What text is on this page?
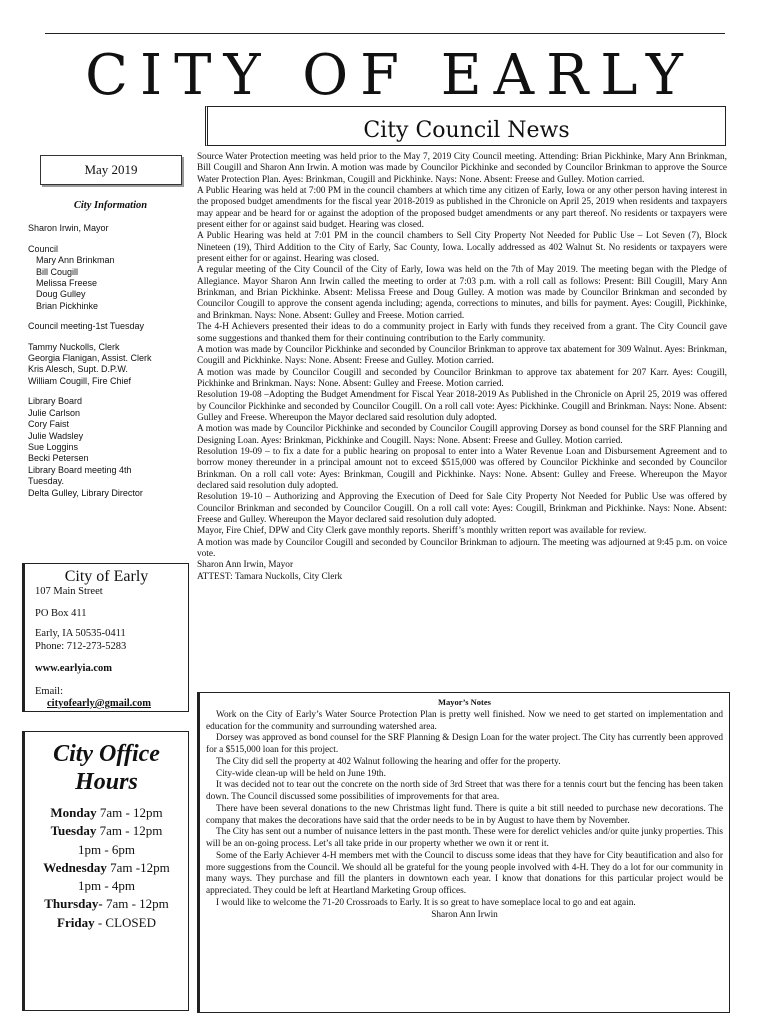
CITY OF EARLY
City Council News
May 2019
City Information
Sharon Irwin, Mayor
Council
Mary Ann Brinkman
Bill Cougill
Melissa Freese
Doug Gulley
Brian Pickhinke
Council meeting-1st Tuesday
Tammy Nuckolls, Clerk
Georgia Flanigan, Assist. Clerk
Kris Alesch, Supt. D.P.W.
William Cougill, Fire Chief
Library Board
Julie Carlson
Cory Faist
Julie Wadsley
Sue Loggins
Becki Petersen
Library Board meeting 4th
Tuesday.
Delta Gulley, Library Director
City of Early
107 Main Street
PO Box 411
Early, IA 50535-0411
Phone: 712-273-5283
www.earlyia.com
Email:
cityofearly@gmail.com
City Office
Hours
Monday 7am - 12pm
Tuesday 7am - 12pm
1pm - 6pm
Wednesday 7am -12pm
1pm - 4pm
Thursday- 7am - 12pm
Friday - CLOSED

Source Water Protection meeting was held prior to the May 7, 2019 City Council meeting. Attending: Brian Pickhinke, Mary Ann Brinkman, Bill Cougill and Sharon Ann Irwin. A motion was made by Councilor Pickhinke and seconded by Councilor Brinkman to approve the Source Water Protection Plan. Ayes: Brinkman, Cougill and Pickhinke. Nays: None. Absent: Freese and Gulley. Motion carried.

A Public Hearing was held at 7:00 PM in the council chambers at which time any citizen of Early, Iowa or any other person having interest in the proposed budget amendments for the fiscal year 2018-2019 as published in the Chronicle on April 25, 2019 when residents and taxpayers may appear and be heard for or against the adoption of the proposed budget amendments or any part thereof. No residents or taxpayers were present either for or against said budget. Hearing was closed.

A Public Hearing was held at 7:01 PM in the council chambers to Sell City Property Not Needed for Public Use – Lot Seven (7), Block Nineteen (19), Third Addition to the City of Early, Sac County, Iowa. Locally addressed as 402 Walnut St. No residents or taxpayers were present either for or against. Hearing was closed.

A regular meeting of the City Council of the City of Early, Iowa was held on the 7th of May 2019. The meeting began with the Pledge of Allegiance. Mayor Sharon Ann Irwin called the meeting to order at 7:03 p.m. with a roll call as follows: Present: Bill Cougill, Mary Ann Brinkman, and Brian Pickhinke. Absent: Melissa Freese and Doug Gulley. A motion was made by Councilor Brinkman and seconded by Councilor Cougill to approve the consent agenda including; agenda, corrections to minutes, and bills for payment. Ayes: Cougill, Pickhinke, and Brinkman. Nays: None. Absent: Gulley and Freese. Motion carried.

The 4-H Achievers presented their ideas to do a community project in Early with funds they received from a grant. The City Council gave some suggestions and thanked them for their continuing contribution to the Early community.

A motion was made by Councilor Pickhinke and seconded by Councilor Brinkman to approve tax abatement for 309 Walnut. Ayes: Brinkman, Cougill and Pickhinke. Nays: None. Absent: Freese and Gulley. Motion carried.

A motion was made by Councilor Cougill and seconded by Councilor Brinkman to approve tax abatement for 207 Karr. Ayes: Cougill, Pickhinke and Brinkman. Nays: None. Absent: Gulley and Freese. Motion carried.

Resolution 19-08 –Adopting the Budget Amendment for Fiscal Year 2018-2019 As Published in the Chronicle on April 25, 2019 was offered by Councilor Pickhinke and seconded by Councilor Cougill. On a roll call vote: Ayes: Pickhinke. Cougill and Brinkman. Nays: None. Absent: Gulley and Freese. Whereupon the Mayor declared said resolution duly adopted.

A motion was made by Councilor Pickhinke and seconded by Councilor Cougill approving Dorsey as bond counsel for the SRF Planning and Designing Loan. Ayes: Brinkman, Pickhinke and Cougill. Nays: None. Absent: Freese and Gulley. Motion carried.

Resolution 19-09 – to fix a date for a public hearing on proposal to enter into a Water Revenue Loan and Disbursement Agreement and to borrow money thereunder in a principal amount not to exceed $515,000 was offered by Councilor Pickhinke and seconded by Councilor Brinkman. On a roll call vote: Ayes: Brinkman, Cougill and Pickhinke. Nays: None. Absent: Gulley and Freese. Whereupon the Mayor declared said resolution duly adopted.

Resolution 19-10 – Authorizing and Approving the Execution of Deed for Sale City Property Not Needed for Public Use was offered by Councilor Brinkman and seconded by Councilor Cougill. On a roll call vote: Ayes: Cougill, Brinkman and Pickhinke. Nays: None. Absent: Freese and Gulley. Whereupon the Mayor declared said resolution duly adopted.

Mayor, Fire Chief, DPW and City Clerk gave monthly reports. Sheriff’s monthly written report was available for review.

A motion was made by Councilor Cougill and seconded by Councilor Brinkman to adjourn. The meeting was adjourned at 9:45 p.m. on voice vote.

Sharon Ann Irwin, Mayor

ATTEST: Tamara Nuckolls, City Clerk

Mayor’s Notes

Work on the City of Early’s Water Source Protection Plan is pretty well finished. Now we need to get started on implementation and education for the community and surrounding watershed area.

Dorsey was approved as bond counsel for the SRF Planning & Design Loan for the water project. The City has currently been approved for a $515,000 loan for this project.

The City did sell the property at 402 Walnut following the hearing and offer for the property.

City-wide clean-up will be held on June 19th.

It was decided not to tear out the concrete on the north side of 3rd Street that was there for a tennis court but the fencing has been taken down. The Council discussed some possibilities of improvements for that area.

There have been several donations to the new Christmas light fund. There is quite a bit still needed to purchase new decorations. The company that makes the decorations have said that the order needs to be in by August to have them by November.

The City has sent out a number of nuisance letters in the past month. These were for derelict vehicles and/or quite junky properties. This will be an on-going process. Let’s all take pride in our property whether we own it or rent it.

Some of the Early Achiever 4-H members met with the Council to discuss some ideas that they have for City beautification and also for more suggestions from the Council. We should all be grateful for the young people involved with 4-H. They do a lot for our community in many ways. They purchase and fill the planters in downtown each year. I know that donations for this particular project would be appreciated. They could be left at Heartland Marketing Group offices.

I would like to welcome the 71-20 Crossroads to Early. It is so great to have someplace local to go and eat again.

Sharon Ann Irwin
